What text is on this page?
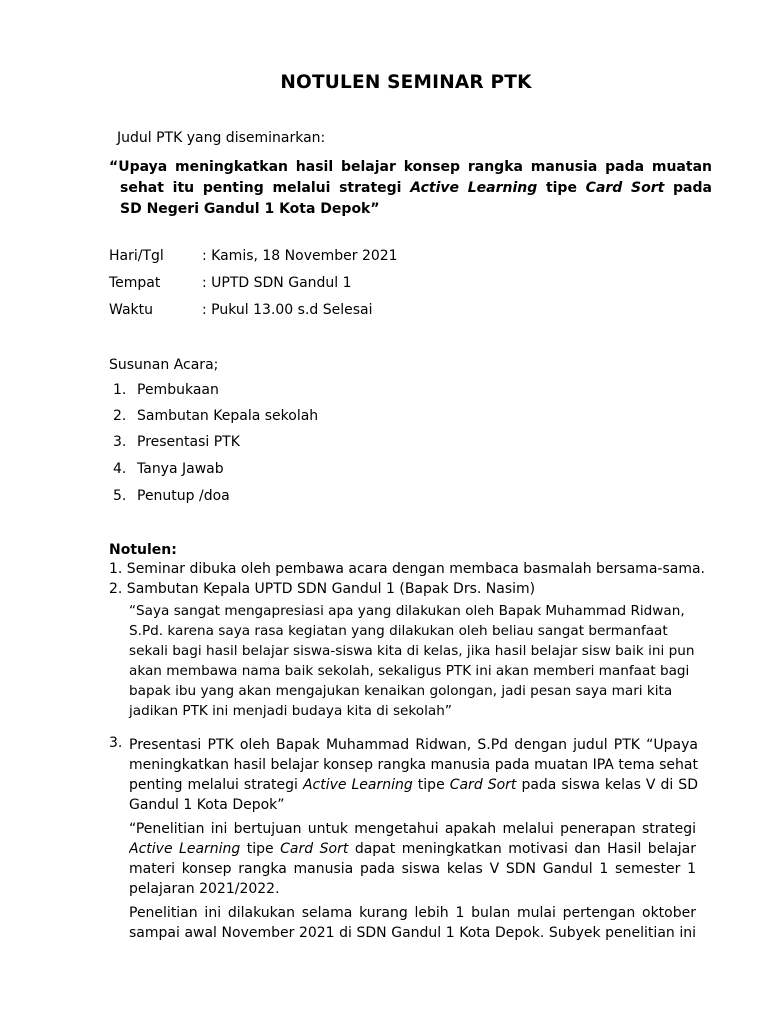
NOTULEN SEMINAR PTK
Judul PTK yang diseminarkan:
“Upaya meningkatkan hasil belajar konsep rangka manusia pada muatan
sehat itu penting melalui strategi Active Learning tipe Card Sort pada
SD Negeri Gandul 1 Kota Depok”
Hari/Tgl	: Kamis, 18 November 2021
Tempat	: UPTD SDN Gandul 1
Waktu	: Pukul 13.00 s.d Selesai
Susunan Acara;
1. Pembukaan
2. Sambutan Kepala sekolah
3. Presentasi PTK
4. Tanya Jawab
5. Penutup /doa
Notulen:
1. Seminar dibuka oleh pembawa acara dengan membaca basmalah bersama-sama.
2. Sambutan Kepala UPTD SDN Gandul 1 (Bapak Drs. Nasim)
“Saya sangat mengapresiasi apa yang dilakukan oleh Bapak Muhammad Ridwan,
S.Pd. karena saya rasa kegiatan yang dilakukan oleh beliau sangat bermanfaat
sekali bagi hasil belajar siswa-siswa kita di kelas, jika hasil belajar sisw baik ini pun
akan membawa nama baik sekolah, sekaligus PTK ini akan memberi manfaat bagi
bapak ibu yang akan mengajukan kenaikan golongan, jadi pesan saya mari kita
jadikan PTK ini menjadi budaya kita di sekolah”
3. Presentasi PTK oleh Bapak Muhammad Ridwan, S.Pd dengan judul PTK “Upaya
meningkatkan hasil belajar konsep rangka manusia pada muatan IPA tema sehat
penting melalui strategi Active Learning tipe Card Sort pada siswa kelas V di SD
Gandul 1 Kota Depok”
“Penelitian ini bertujuan untuk mengetahui apakah melalui penerapan strategi
Active Learning tipe Card Sort dapat meningkatkan motivasi dan Hasil belajar
materi konsep rangka manusia pada siswa kelas V SDN Gandul 1 semester 1
pelajaran 2021/2022.
Penelitian ini dilakukan selama kurang lebih 1 bulan mulai pertengan oktober
sampai awal November 2021 di SDN Gandul 1 Kota Depok. Subyek penelitian ini
